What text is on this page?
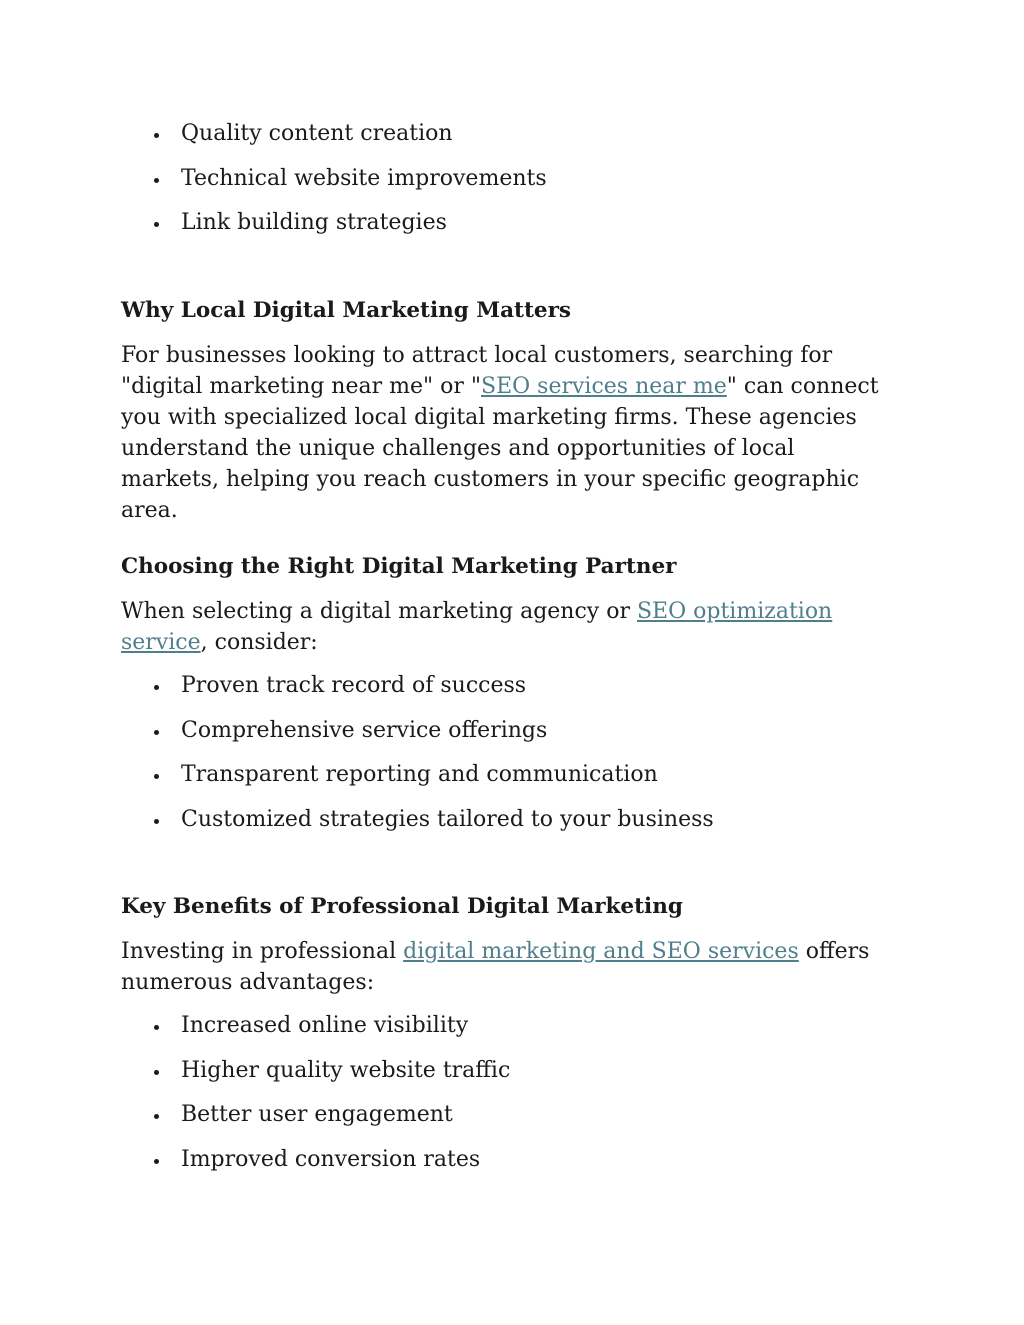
Quality content creation
Technical website improvements
Link building strategies
Why Local Digital Marketing Matters

For businesses looking to attract local customers, searching for "digital marketing near me" or "SEO services near me" can connect you with specialized local digital marketing firms. These agencies understand the unique challenges and opportunities of local markets, helping you reach customers in your specific geographic area.

Choosing the Right Digital Marketing Partner

When selecting a digital marketing agency or SEO optimization service, consider:

Proven track record of success
Comprehensive service offerings
Transparent reporting and communication
Customized strategies tailored to your business
Key Benefits of Professional Digital Marketing

Investing in professional digital marketing and SEO services offers numerous advantages:

Increased online visibility
Higher quality website traffic
Better user engagement
Improved conversion rates
